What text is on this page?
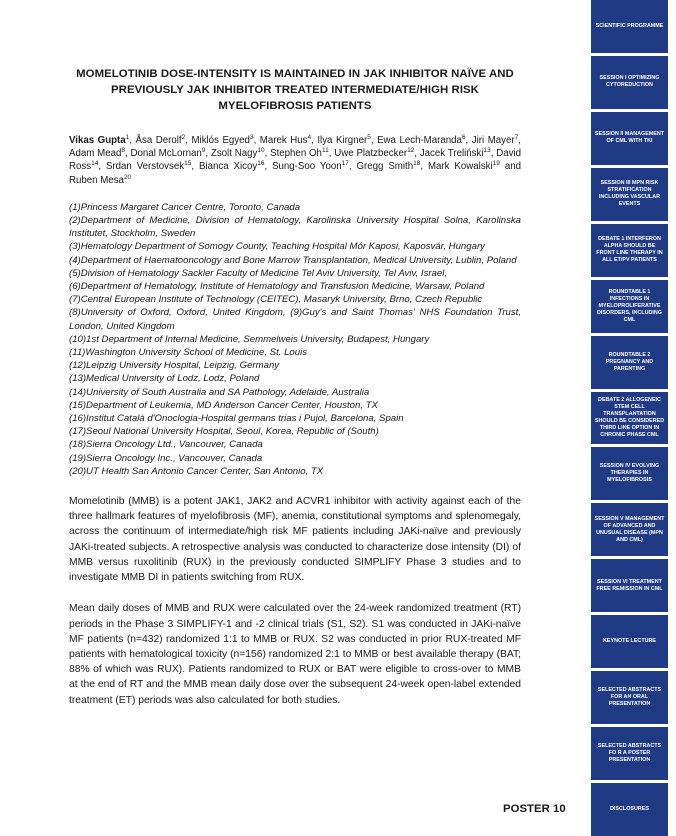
MOMELOTINIB DOSE-INTENSITY IS MAINTAINED IN JAK INHIBITOR NAÏVE AND PREVIOUSLY JAK INHIBITOR TREATED INTERMEDIATE/HIGH RISK MYELOFIBROSIS PATIENTS
Vikas Gupta$^1$, Åsa Derolf$^2$, Miklós Egyed$^3$, Marek Hus$^4$, Ilya Kirgner$^5$, Ewa Lech-Maranda$^6$, Jiri Mayer$^7$, Adam Mead$^8$, Donal McLornan$^9$, Zsolt Nagy$^{10}$, Stephen Oh$^{11}$, Uwe Platzbecker$^{12}$, Jacek Treliński$^{13}$, David Ross$^{14}$, Srdan Verstovsek$^{15}$, Bianca Xicoy$^{16}$, Sung-Soo Yoon$^{17}$, Gregg Smith$^{18}$, Mark Kowalski$^{19}$ and Ruben Mesa$^{20}$
(1)Princess Margaret Cancer Centre, Toronto, Canada
(2)Department of Medicine, Division of Hematology, Karolinska University Hospital Solna, Karolinska Institutet, Stockholm, Sweden
(3)Hematology Department of Somogy County, Teaching Hospital Mór Kaposi, Kaposvár, Hungary
(4)Department of Haematooncology and Bone Marrow Transplantation, Medical University, Lublin, Poland
(5)Division of Hematology Sackler Faculty of Medicine Tel Aviv University, Tel Aviv, Israel,
(6)Department of Hematology, Institute of Hematology and Transfusion Medicine, Warsaw, Poland
(7)Central European Institute of Technology (CEITEC), Masaryk University, Brno, Czech Republic
(8)University of Oxford, Oxford, United Kingdom, (9)Guy's and Saint Thomas' NHS Foundation Trust, London, United Kingdom
(10)1st Department of Internal Medicine, Semmelweis University, Budapest, Hungary
(11)Washington University School of Medicine, St. Louis
(12)Leipzig University Hospital, Leipzig, Germany
(13)Medical University of Lodz, Lodz, Poland
(14)University of South Australia and SA Pathology, Adelaide, Australia
(15)Department of Leukemia, MD Anderson Cancer Center, Houston, TX
(16)Institut Català d'Onoclogia-Hospital germans trias i Pujol, Barcelona, Spain
(17)Seoul National University Hospital, Seoul, Korea, Republic of (South)
(18)Sierra Oncology Ltd., Vancouver, Canada
(19)Sierra Oncology Inc., Vancouver, Canada
(20)UT Health San Antonio Cancer Center, San Antonio, TX

Momelotinib (MMB) is a potent JAK1, JAK2 and ACVR1 inhibitor with activity against each of the three hallmark features of myelofibrosis (MF), anemia, constitutional symptoms and splenomegaly, across the continuum of intermediate/high risk MF patients including JAKi-naïve and previously JAKi-treated subjects. A retrospective analysis was conducted to characterize dose intensity (DI) of MMB versus ruxolitinib (RUX) in the previously conducted SIMPLIFY Phase 3 studies and to investigate MMB DI in patients switching from RUX.

Mean daily doses of MMB and RUX were calculated over the 24-week randomized treatment (RT) periods in the Phase 3 SIMPLIFY-1 and -2 clinical trials (S1, S2). S1 was conducted in JAKi-naïve MF patients (n=432) randomized 1:1 to MMB or RUX. S2 was conducted in prior RUX-treated MF patients with hematological toxicity (n=156) randomized 2:1 to MMB or best available therapy (BAT; 88% of which was RUX). Patients randomized to RUX or BAT were eligible to cross-over to MMB at the end of RT and the MMB mean daily dose over the subsequent 24-week open-label extended treatment (ET) periods was also calculated for both studies.

POSTER 10
SCIENTIFIC PROGRAMME
SESSION I OPTIMIZING CYTOREDUCTION
SESSION II MANAGEMENT OF CML WITH TKI
SESSION III MPN RISK STRATIFICATION INCLUDING VASCULAR EVENTS
DEBATE 1 INTERFERON ALPHA SHOULD BE FRONT LINE THERAPY IN ALL ET/PV PATIENTS
ROUNDTABLE 1 INFECTIONS IN MYELOPROLIFERATIVE DISORDERS, INCLUDING CML
ROUNDTABLE 2 PREGNANCY AND PARENTING
DEBATE 2 ALLOGENEIC STEM CELL TRANSPLANTATION SHOULD BE CONSIDERED THIRD LINE OPTION IN CHRONIC PHASE CML
SESSION IV EVOLVING THERAPIES IN MYELOFIBROSIS
SESSION V MANAGEMENT OF ADVANCED AND UNUSUAL DISEASE (MPN AND CML)
SESSION VI TREATMENT FREE REMISSION IN CML
KEYNOTE LECTURE
SELECTED ABSTRACTS FOR AN ORAL PRESENTATION
SELECTED ABSTRACTS FO R A POSTER PRESENTATION
DISCLOSURES
